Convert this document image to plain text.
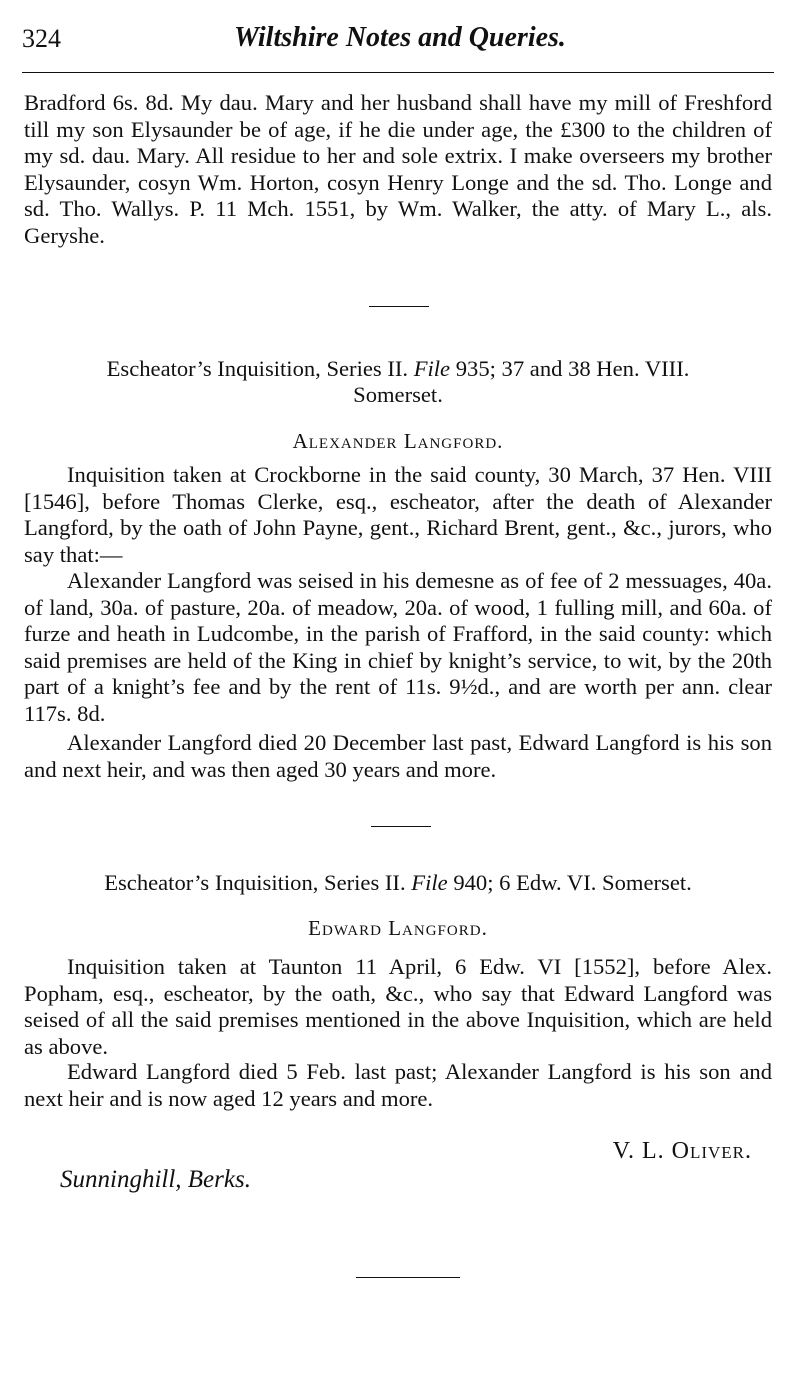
324	Wiltshire Notes and Queries.

Bradford 6s. 8d. My dau. Mary and her husband shall have my mill of Freshford till my son Elysaunder be of age, if he die under age, the £300 to the children of my sd. dau. Mary. All residue to her and sole extrix. I make overseers my brother Elysaunder, cosyn Wm. Horton, cosyn Henry Longe and the sd. Tho. Longe and sd. Tho. Wallys. P. 11 Mch. 1551, by Wm. Walker, the atty. of Mary L., als. Geryshe.

Escheator’s Inquisition, Series II. File 935; 37 and 38 Hen. VIII.
Somerset.
Alexander Langford.

Inquisition taken at Crockborne in the said county, 30 March, 37 Hen. VIII [1546], before Thomas Clerke, esq., escheator, after the death of Alexander Langford, by the oath of John Payne, gent., Richard Brent, gent., &c., jurors, who say that:—

Alexander Langford was seised in his demesne as of fee of 2 messuages, 40a. of land, 30a. of pasture, 20a. of meadow, 20a. of wood, 1 fulling mill, and 60a. of furze and heath in Ludcombe, in the parish of Frafford, in the said county: which said premises are held of the King in chief by knight’s service, to wit, by the 20th part of a knight’s fee and by the rent of 11s. 9½d., and are worth per ann. clear 117s. 8d.

Alexander Langford died 20 December last past, Edward Langford is his son and next heir, and was then aged 30 years and more.

Escheator’s Inquisition, Series II. File 940; 6 Edw. VI. Somerset.
Edward Langford.

Inquisition taken at Taunton 11 April, 6 Edw. VI [1552], before Alex. Popham, esq., escheator, by the oath, &c., who say that Edward Langford was seised of all the said premises mentioned in the above Inquisition, which are held as above.

Edward Langford died 5 Feb. last past; Alexander Langford is his son and next heir and is now aged 12 years and more.

V. L. Oliver.
Sunninghill, Berks.
